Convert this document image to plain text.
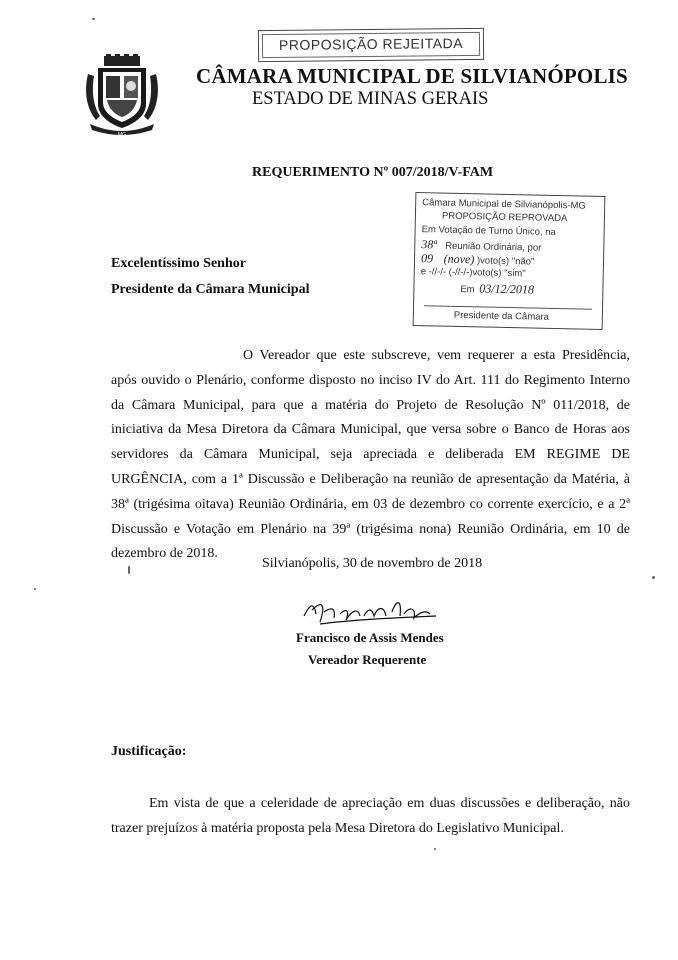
PROPOSIÇÃO REJEITADA
MG
CÂMARA MUNICIPAL DE SILVIANÓPOLIS
ESTADO DE MINAS GERAIS
REQUERIMENTO Nº 007/2018/V-FAM
Câmara Municipal de Silvianópolis-MG
PROPOSIÇÃO REPROVADA
Em Votação de Turno Único, na
38ª Reunião Ordinária, por
09 (nove) )voto(s) "não"
e -//-/- (-//-/-)voto(s) "sim"
Em 03/12/2018
Presidente da Câmara
Excelentíssimo Senhor
Presidente da Câmara Municipal

O Vereador que este subscreve, vem requerer a esta Presidência, após ouvido o Plenário, conforme disposto no inciso IV do Art. 111 do Regimento Interno da Câmara Municipal, para que a matéria do Projeto de Resolução Nº 011/2018, de iniciativa da Mesa Diretora da Câmara Municipal, que versa sobre o Banco de Horas aos servidores da Câmara Municipal, seja apreciada e deliberada EM REGIME DE URGÊNCIA, com a 1ª Discussão e Deliberação na reunião de apresentação da Matéria, à 38ª (trigésima oitava) Reunião Ordinária, em 03 de dezembro co corrente exercício, e a 2ª Discussão e Votação em Plenário na 39ª (trigésima nona) Reunião Ordinária, em 10 de dezembro de 2018.

Silvianópolis, 30 de novembro de 2018
Francisco de Assis Mendes
Vereador Requerente
Justificação:

Em vista de que a celeridade de apreciação em duas discussões e deliberação, não trazer prejuízos à matéria proposta pela Mesa Diretora do Legislativo Municipal.
